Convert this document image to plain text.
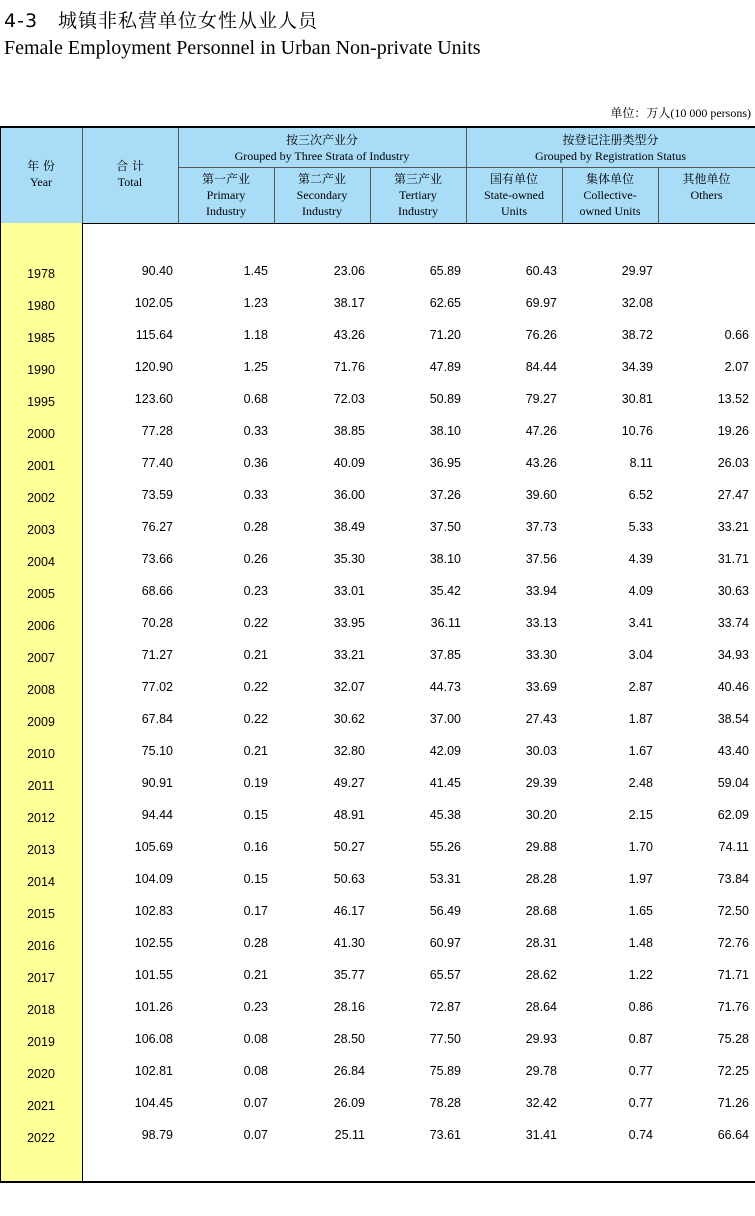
4-3　城镇非私营单位女性从业人员
Female Employment Personnel in Urban Non-private Units
单位：万人(10 000 persons)
年 份
Year
合 计
Total
按三次产业分
Grouped by Three Strata of Industry
按登记注册类型分
Grouped by Registration Status
第一产业
Primary
Industry
第二产业
Secondary
Industry
第三产业
Tertiary
Industry
国有单位
State-owned
Units
集体单位
Collective-
owned Units
其他单位
Others
1978	90.40	1.45	23.06	65.89	60.43	29.97
1980	102.05	1.23	38.17	62.65	69.97	32.08
1985	115.64	1.18	43.26	71.20	76.26	38.72	0.66
1990	120.90	1.25	71.76	47.89	84.44	34.39	2.07
1995	123.60	0.68	72.03	50.89	79.27	30.81	13.52
2000	77.28	0.33	38.85	38.10	47.26	10.76	19.26
2001	77.40	0.36	40.09	36.95	43.26	8.11	26.03
2002	73.59	0.33	36.00	37.26	39.60	6.52	27.47
2003	76.27	0.28	38.49	37.50	37.73	5.33	33.21
2004	73.66	0.26	35.30	38.10	37.56	4.39	31.71
2005	68.66	0.23	33.01	35.42	33.94	4.09	30.63
2006	70.28	0.22	33.95	36.11	33.13	3.41	33.74
2007	71.27	0.21	33.21	37.85	33.30	3.04	34.93
2008	77.02	0.22	32.07	44.73	33.69	2.87	40.46
2009	67.84	0.22	30.62	37.00	27.43	1.87	38.54
2010	75.10	0.21	32.80	42.09	30.03	1.67	43.40
2011	90.91	0.19	49.27	41.45	29.39	2.48	59.04
2012	94.44	0.15	48.91	45.38	30.20	2.15	62.09
2013	105.69	0.16	50.27	55.26	29.88	1.70	74.11
2014	104.09	0.15	50.63	53.31	28.28	1.97	73.84
2015	102.83	0.17	46.17	56.49	28.68	1.65	72.50
2016	102.55	0.28	41.30	60.97	28.31	1.48	72.76
2017	101.55	0.21	35.77	65.57	28.62	1.22	71.71
2018	101.26	0.23	28.16	72.87	28.64	0.86	71.76
2019	106.08	0.08	28.50	77.50	29.93	0.87	75.28
2020	102.81	0.08	26.84	75.89	29.78	0.77	72.25
2021	104.45	0.07	26.09	78.28	32.42	0.77	71.26
2022	98.79	0.07	25.11	73.61	31.41	0.74	66.64
